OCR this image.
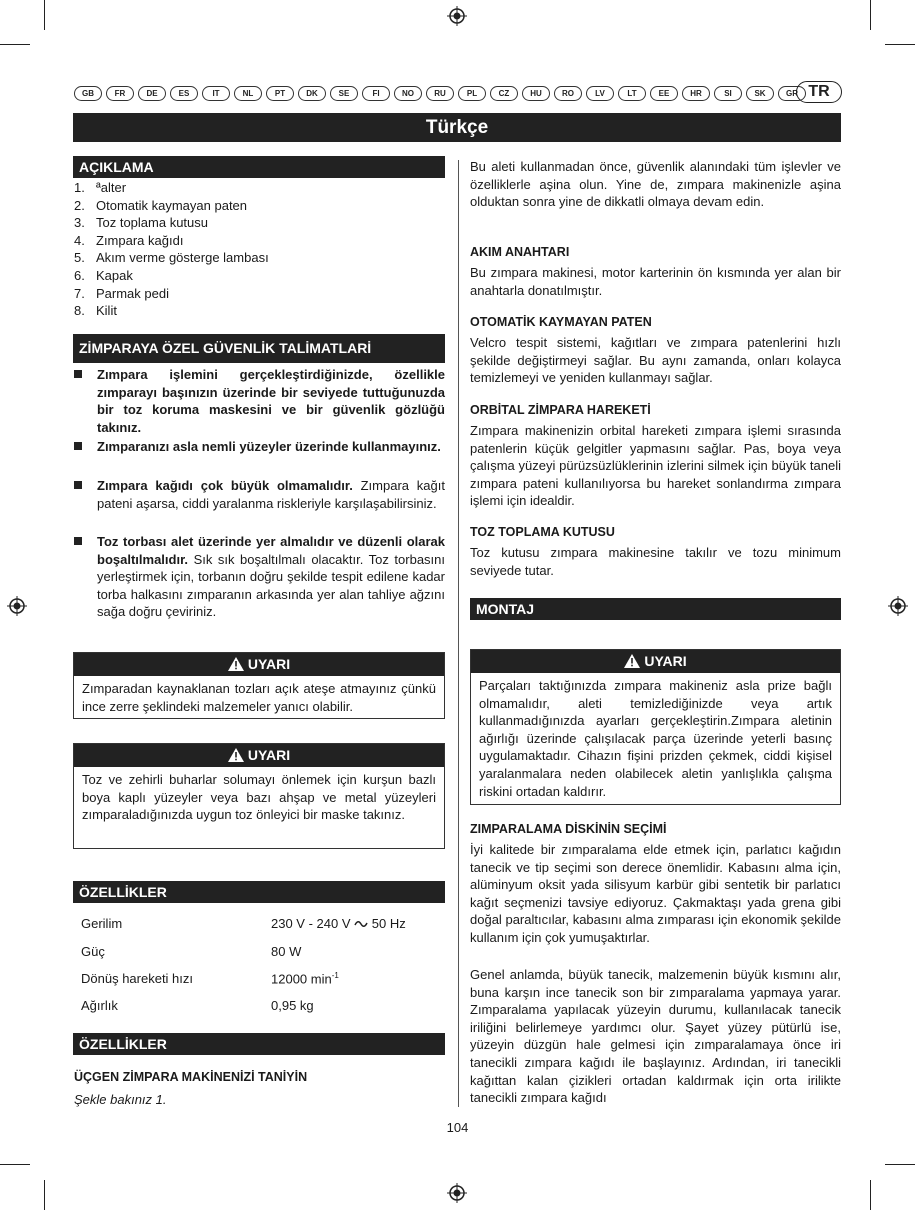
GB	FR	DE	ES	IT	NL	PT	DK	SE	FI	NO	RU	PL	CZ	HU	RO	LV	LT	EE	HR	SI	SK	GR TR
Türkçe
AÇIKLAMA
1. ªalter
2. Otomatik kaymayan paten
3. Toz toplama kutusu
4. Zımpara kağıdı
5. Akım verme gösterge lambası
6. Kapak
7. Parmak pedi
8. Kilit
ZİMPARAYA ÖZEL GÜVENLİK TALİMATLARİ
Zımpara işlemini gerçekleştirdiğinizde, özellikle zımparayı başınızın üzerinde bir seviyede tuttuğunuzda bir toz koruma maskesini ve bir güvenlik gözlüğü takınız.
Zımparanızı asla nemli yüzeyler üzerinde kullanmayınız.
Zımpara kağıdı çok büyük olmamalıdır. Zımpara kağıt pateni aşarsa, ciddi yaralanma riskleriyle karşılaşabilirsiniz.
Toz torbası alet üzerinde yer almalıdır ve düzenli olarak boşaltılmalıdır. Sık sık boşaltılmalı olacaktır. Toz torbasını yerleştirmek için, torbanın doğru şekilde tespit edilene kadar torba halkasını zımparanın arkasında yer alan tahliye ağzını sağa doğru çeviriniz.
UYARI
Zımparadan kaynaklanan tozları açık ateşe atmayınız çünkü ince zerre şeklindeki malzemeler yanıcı olabilir.
UYARI
Toz ve zehirli buharlar solumayı önlemek için kurşun bazlı boya kaplı yüzeyler veya bazı ahşap ve metal yüzeyleri zımparaladığınızda uygun toz önleyici bir maske takınız.
ÖZELLİKLER
Gerilim	230 V - 240 V 50 Hz
Güç	80 W
Dönüş hareketi hızı	12000 $\min^{-1}$
Ağırlık	0,95 kg
ÖZELLİKLER
ÜÇGEN ZİMPARA MAKİNENİZİ TANİYİN
Şekle bakınız 1.
Bu aleti kullanmadan önce, güvenlik alanındaki tüm işlevler ve özelliklerle aşina olun. Yine de, zımpara makinenizle aşina olduktan sonra yine de dikkatli olmaya devam edin.
AKIM ANAHTARI
Bu zımpara makinesi, motor karterinin ön kısmında yer alan bir anahtarla donatılmıştır.
OTOMATİK KAYMAYAN PATEN
Velcro tespit sistemi, kağıtları ve zımpara patenlerini hızlı şekilde değiştirmeyi sağlar. Bu aynı zamanda, onları kolayca temizlemeyi ve yeniden kullanmayı sağlar.
ORBİTAL ZİMPARA HAREKETİ
Zımpara makinenizin orbital hareketi zımpara işlemi sırasında patenlerin küçük gelgitler yapmasını sağlar. Pas, boya veya çalışma yüzeyi pürüzsüzlüklerinin izlerini silmek için büyük taneli zımpara pateni kullanılıyorsa bu hareket sonlandırma zımpara işlemi için idealdir.
TOZ TOPLAMA KUTUSU
Toz kutusu zımpara makinesine takılır ve tozu minimum seviyede tutar.
MONTAJ
UYARI
Parçaları taktığınızda zımpara makineniz asla prize bağlı olmamalıdır, aleti temizlediğinizde veya artık kullanmadığınızda ayarları gerçekleştirin.Zımpara aletinin ağırlığı üzerinde çalışılacak parça üzerinde yeterli basınç uygulamaktadır. Cihazın fişini prizden çekmek, ciddi kişisel yaralanmalara neden olabilecek aletin yanlışlıkla çalışma riskini ortadan kaldırır.
ZIMPARALAMA DİSKİNİN SEÇİMİ
İyi kalitede bir zımparalama elde etmek için, parlatıcı kağıdın tanecik ve tip seçimi son derece önemlidir. Kabasını alma için, alüminyum oksit yada silisyum karbür gibi sentetik bir parlatıcı kağıt seçmenizi tavsiye ediyoruz. Çakmaktaşı yada grena gibi doğal paraltıcılar, kabasını alma zımparası için ekonomik şekilde kullanım için çok yumuşaktırlar.
Genel anlamda, büyük tanecik, malzemenin büyük kısmını alır, buna karşın ince tanecik son bir zımparalama yapmaya yarar. Zımparalama yapılacak yüzeyin durumu, kullanılacak tanecik iriliğini belirlemeye yardımcı olur. Şayet yüzey pütürlü ise, yüzeyin düzgün hale gelmesi için zımparalamaya önce iri tanecikli zımpara kağıdı ile başlayınız. Ardından, iri tanecikli kağıttan kalan çizikleri ortadan kaldırmak için orta irilikte tanecikli zımpara kağıdı
104
